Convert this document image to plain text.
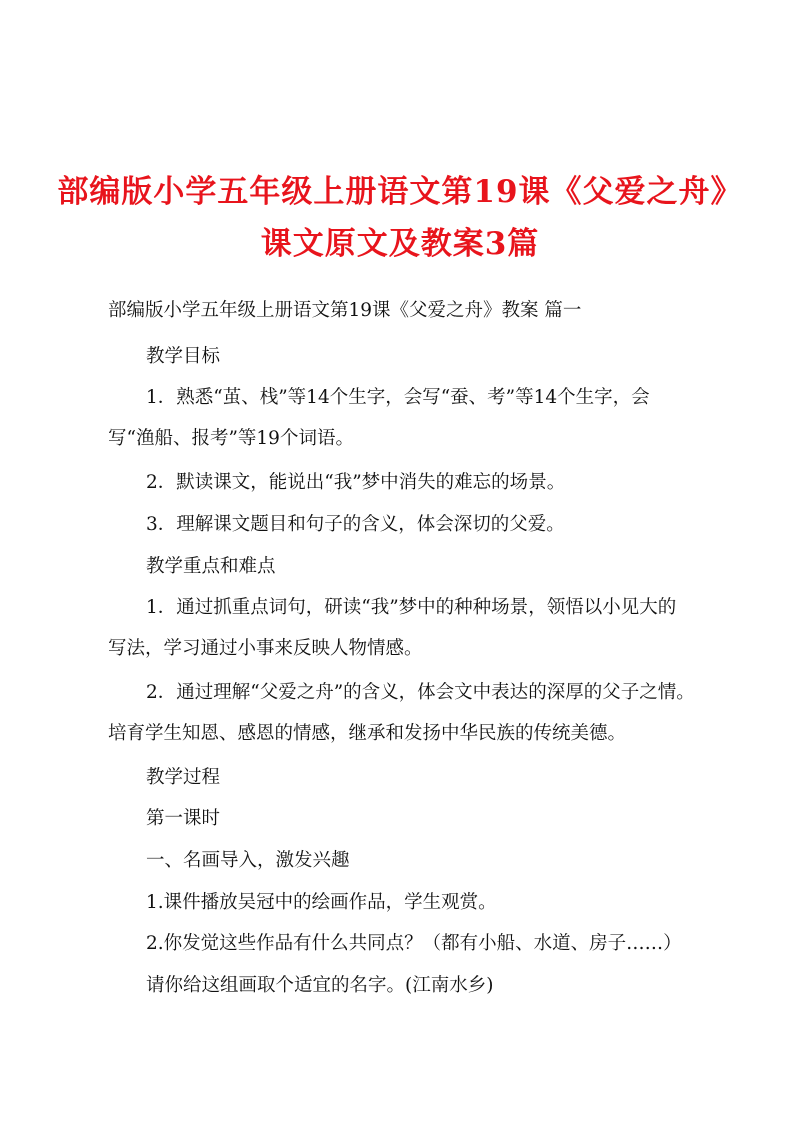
部编版小学五年级上册语文第19课《父爱之舟》
课文原文及教案3篇

部编版小学五年级上册语文第19课《父爱之舟》教案 篇一

教学目标

1．熟悉“茧、栈”等14个生字，会写“蚕、考”等14个生字，会

写“渔船、报考”等19个词语。

2．默读课文，能说出“我”梦中消失的难忘的场景。

3．理解课文题目和句子的含义，体会深切的父爱。

教学重点和难点

1．通过抓重点词句，研读“我”梦中的种种场景，领悟以小见大的

写法，学习通过小事来反映人物情感。

2．通过理解“父爱之舟”的含义，体会文中表达的深厚的父子之情。

培育学生知恩、感恩的情感，继承和发扬中华民族的传统美德。

教学过程

第一课时

一、名画导入，激发兴趣

1.课件播放吴冠中的绘画作品，学生观赏。

2.你发觉这些作品有什么共同点？（都有小船、水道、房子……）

请你给这组画取个适宜的名字。(江南水乡)
